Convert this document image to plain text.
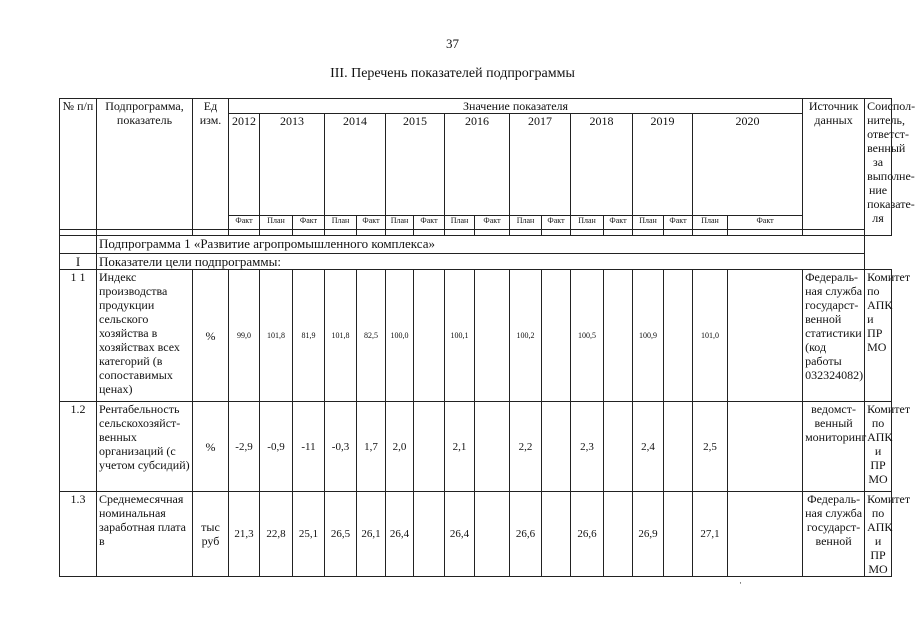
37
III. Перечень показателей подпрограммы
№ п/п	Подпрограмма, показатель	Ед изм.	Значение показателя																	Источник данных	Соиспол-нитель, ответст-венный за выполне-ние показате-ля
			2012	2013		2014		2015		2016		2017		2018		2019		2020			
			Факт	План	Факт	План	Факт	План	Факт	План	Факт	План	Факт	План	Факт	План	Факт	План	Факт		

	Подпрограмма 1 «Развитие агропромышленного комплекса»																				
I	Показатели цели подпрограммы:																				
1 1	Индекс производства продукции сельского хозяйства в хозяйствах всех категорий (в сопоставимых ценах)	%	99,0	101,8	81,9	101,8	82,5	100,0		100,1		100,2		100,5		100,9		101,0		Федераль-ная служба государст-венной статистики (код работы 032324082)	Комитет по АПК и ПР МО
1.2	Рентабельность сельскохозяйст-венных организаций (с учетом субсидий)	%	-2,9	-0,9	-11	-0,3	1,7	2,0		2,1		2,2		2,3		2,4		2,5		ведомст-венный мониторинг	Комитет по АПК и ПР МО
1.3	Среднемесячная номинальная заработная плата в	тыс руб	21,3	22,8	25,1	26,5	26,1	26,4		26,4		26,6		26,6		26,9		27,1		Федераль-ная служба государст-венной	Комитет по АПК и ПР МО
·
